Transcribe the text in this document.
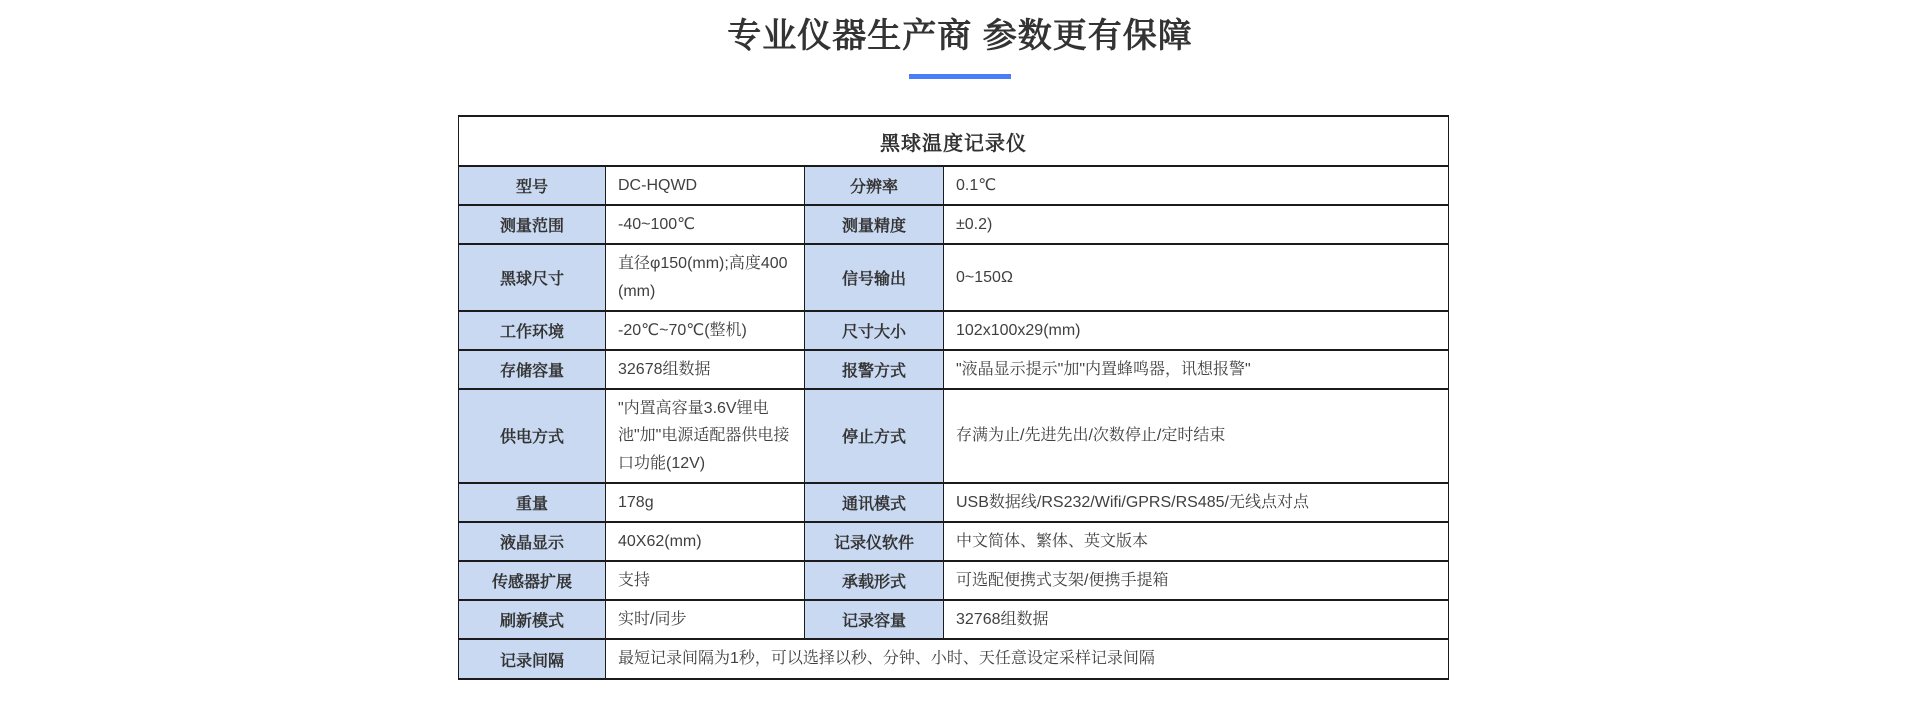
专业仪器生产商 参数更有保障
黑球温度记录仪			
型号	DC-HQWD	分辨率	0.1℃
测量范围	-40~100℃	测量精度	±0.2)
黑球尺寸	直径φ150(mm);高度400(mm)	信号输出	0~150Ω
工作环境	-20℃~70℃(整机)	尺寸大小	102x100x29(mm)
存储容量	32678组数据	报警方式	"液晶显示提示"加"内置蜂鸣器，讯想报警"
供电方式	"内置高容量3.6V锂电池"加"电源适配器供电接口功能(12V)	停止方式	存满为止/先进先出/次数停止/定时结束
重量	178g	通讯模式	USB数据线/RS232/Wifi/GPRS/RS485/无线点对点
液晶显示	40X62(mm)	记录仪软件	中文简体、繁体、英文版本
传感器扩展	支持	承载形式	可选配便携式支架/便携手提箱
刷新模式	实时/同步	记录容量	32768组数据
记录间隔	最短记录间隔为1秒，可以选择以秒、分钟、小时、天任意设定采样记录间隔		
